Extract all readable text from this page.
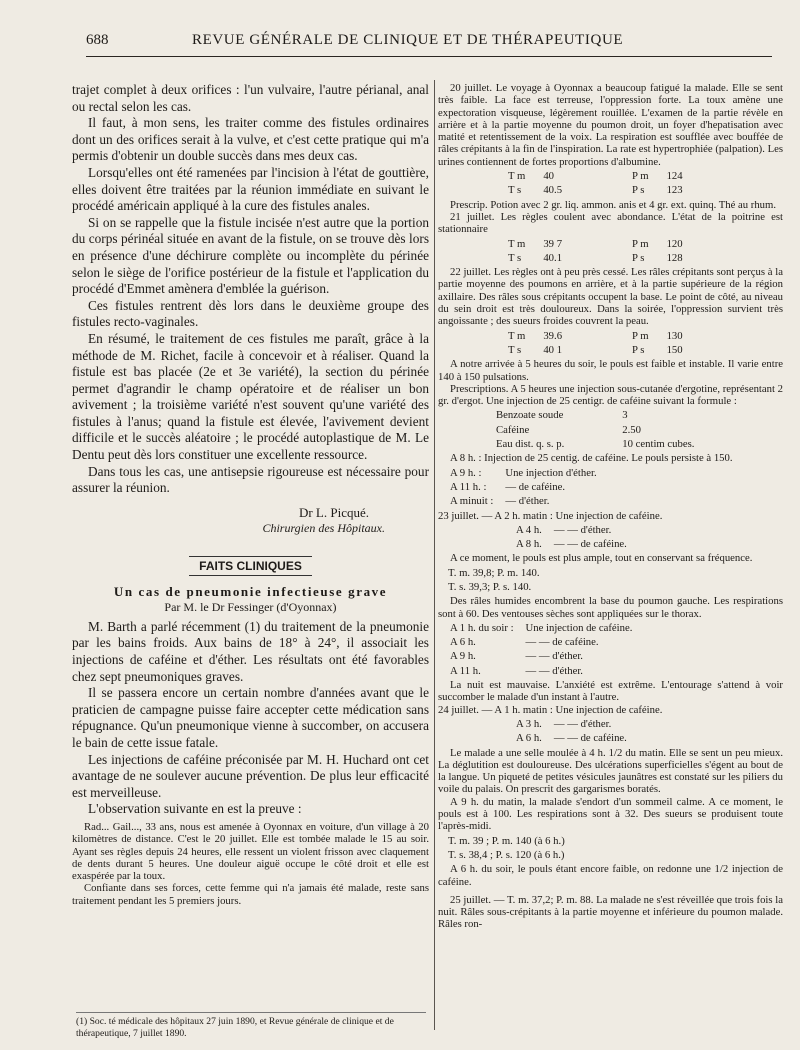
688	REVUE GÉNÉRALE DE CLINIQUE ET DE THÉRAPEUTIQUE

trajet complet à deux orifices : l'un vulvaire, l'autre périanal, anal ou rectal selon les cas.

Il faut, à mon sens, les traiter comme des fistules ordinaires dont un des orifices serait à la vulve, et c'est cette pratique qui m'a permis d'obtenir un double succès dans mes deux cas.

Lorsqu'elles ont été ramenées par l'incision à l'état de gouttière, elles doivent être traitées par la réunion immédiate en suivant le procédé américain appliqué à la cure des fistules anales.

Si on se rappelle que la fistule incisée n'est autre que la portion du corps périnéal située en avant de la fistule, on se trouve dès lors en présence d'une déchirure complète ou incomplète du périnée selon le siège de l'orifice postérieur de la fistule et l'application du procédé d'Emmet amènera d'emblée la guérison.

Ces fistules rentrent dès lors dans le deuxième groupe des fistules recto-vaginales.

En résumé, le traitement de ces fistules me paraît, grâce à la méthode de M. Richet, facile à concevoir et à réaliser. Quand la fistule est bas placée (2e et 3e variété), la section du périnée permet d'agrandir le champ opératoire et de réaliser un bon avivement ; la troisième variété n'est souvent qu'une variété des fistules à l'anus; quand la fistule est élevée, l'avivement devient difficile et le succès aléatoire ; le procédé autoplastique de M. Le Dentu peut dès lors constituer une excellente ressource.

Dans tous les cas, une antisepsie rigoureuse est nécessaire pour assurer la réunion.

Dr L. Picqué.
Chirurgien des Hôpitaux.
FAITS CLINIQUES
Un cas de pneumonie infectieuse grave
Par M. le Dr Fessinger (d'Oyonnax)

M. Barth a parlé récemment (1) du traitement de la pneumonie par les bains froids. Aux bains de 18° à 24°, il associait les injections de caféine et d'éther. Les résultats ont été favorables chez sept pneumoniques graves.

Il se passera encore un certain nombre d'années avant que le praticien de campagne puisse faire accepter cette médication sans répugnance. Qu'un pneumonique vienne à succomber, on accusera le bain de cette issue fatale.

Les injections de caféine préconisée par M. H. Huchard ont cet avantage de ne soulever aucune prévention. De plus leur efficacité est merveilleuse.

L'observation suivante en est la preuve :

Rad... Gail..., 33 ans, nous est amenée à Oyonnax en voiture, d'un village à 20 kilomètres de distance. C'est le 20 juillet. Elle est tombée malade le 15 au soir. Ayant ses règles depuis 24 heures, elle ressent un violent frisson avec claquement de dents durant 5 heures. Une douleur aiguë occupe le côté droit et elle est exaspérée par la toux.

Confiante dans ses forces, cette femme qui n'a jamais été malade, reste sans traitement pendant les 5 premiers jours.

(1) Soc. té médicale des hôpitaux 27 juin 1890, et Revue générale de clinique et de thérapeutique, 7 juillet 1890.

20 juillet. Le voyage à Oyonnax a beaucoup fatigué la malade. Elle se sent très faible. La face est terreuse, l'oppression forte. La toux amène une expectoration visqueuse, légèrement rouillée. L'examen de la partie révèle en arrière et à la partie moyenne du poumon droit, un foyer d'hepatisation avec matité et retentissement de la voix. La respiration est soufflée avec bouffée de râles crépitants à la fin de l'inspiration. La rate est hypertrophiée (palpation). Les urines contiennent de fortes proportions d'albumine.

T m	40	P m	124
T s	40.5	P s	123

Prescrip. Potion avec 2 gr. liq. ammon. anis et 4 gr. ext. quinq. Thé au rhum.

21 juillet. Les règles coulent avec abondance. L'état de la poitrine est stationnaire

T m	39 7	P m	120
T s	40.1	P s	128

22 juillet. Les règles ont à peu près cessé. Les râles crépitants sont perçus à la partie moyenne des poumons en arrière, et à la partie supérieure de la région axillaire. Des râles sous crépitants occupent la base. Le point de côté, au niveau du sein droit est très douloureux. Dans la soirée, l'oppression survient très angoissante ; des sueurs froides couvrent la peau.

T m	39.6	P m	130
T s	40 1	P s	150

A notre arrivée à 5 heures du soir, le pouls est faible et instable. Il varie entre 140 à 150 pulsations.

Prescriptions. A 5 heures une injection sous-cutanée d'ergotine, représentant 2 gr. d'ergot. Une injection de 25 centigr. de caféine suivant la formule :

Benzoate soude	3
Caféine	2.50
Eau dist. q. s. p.	10 centim cubes.

A 8 h. : Injection de 25 centig. de caféine. Le pouls persiste à 150.

A 9 h. :	Une injection d'éther.
A 11 h. :	— de caféine.
A minuit :	— d'éther.

23 juillet. — A 2 h. matin : Une injection de caféine.

A 4 h.	— — d'éther.
A 8 h.	— — de caféine.

A ce moment, le pouls est plus ample, tout en conservant sa fréquence.

T. m. 39,8; P. m. 140.
T. s. 39,3; P. s. 140.

Des râles humides encombrent la base du poumon gauche. Les respirations sont à 60. Des ventouses sèches sont appliquées sur le thorax.

A 1 h. du soir :	Une injection de caféine.
A 6 h.	— — de caféine.
A 9 h.	— — d'éther.
A 11 h.	— — d'éther.

La nuit est mauvaise. L'anxiété est extrême. L'entourage s'attend à voir succomber le malade d'un instant à l'autre.

24 juillet. — A 1 h. matin : Une injection de caféine.

A 3 h.	— — d'éther.
A 6 h.	— — de caféine.

Le malade a une selle moulée à 4 h. 1/2 du matin. Elle se sent un peu mieux. La déglutition est douloureuse. Des ulcérations superficielles s'égent au bout de la langue. Un piqueté de petites vésicules jaunâtres est constaté sur les piliers du voile du palais. On prescrit des gargarismes boratés.

A 9 h. du matin, la malade s'endort d'un sommeil calme. A ce moment, le pouls est à 100. Les respirations sont à 32. Des sueurs se produisent toute l'après-midi.

T. m. 39 ; P. m. 140 (à 6 h.)
T. s. 38,4 ; P. s. 120 (à 6 h.)

A 6 h. du soir, le pouls étant encore faible, on redonne une 1/2 injection de caféine.

25 juillet. — T. m. 37,2; P. m. 88. La malade ne s'est réveillée que trois fois la nuit. Râles sous-crépitants à la partie moyenne et inférieure du poumon malade. Râles ron-
